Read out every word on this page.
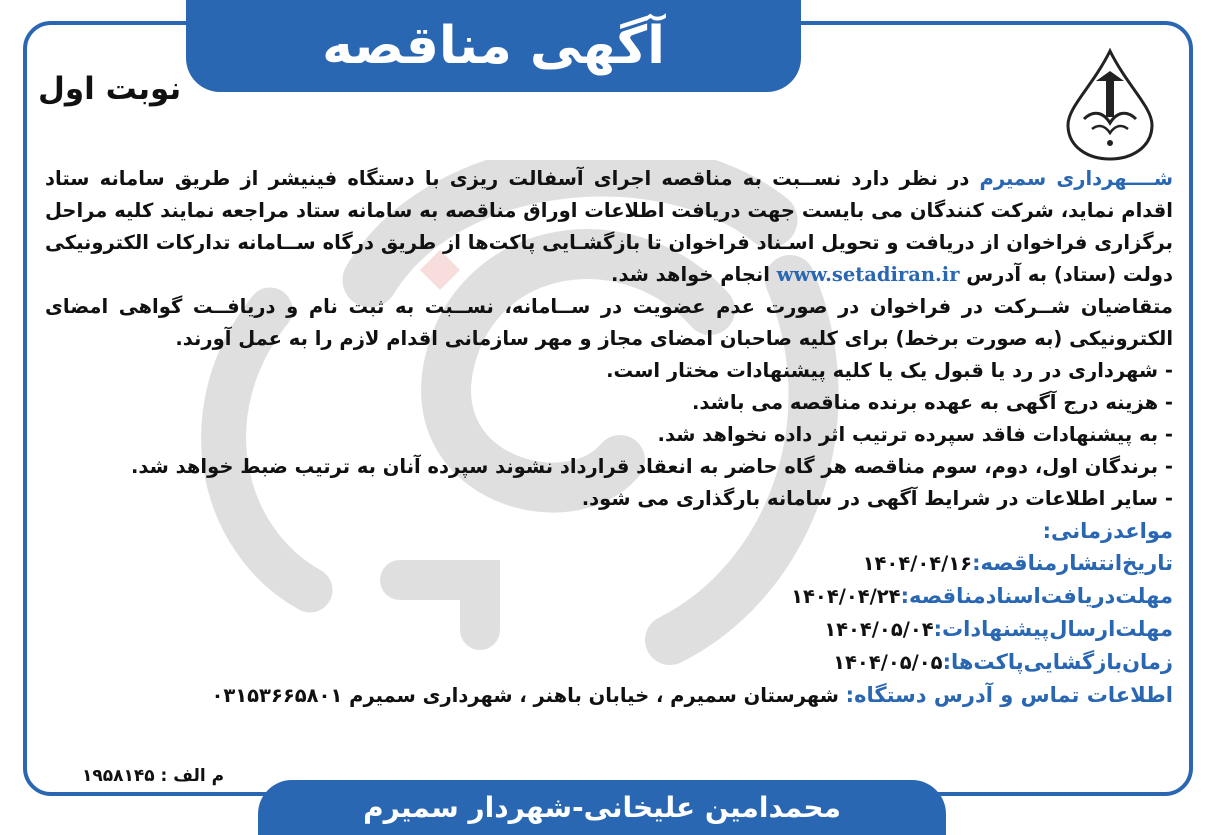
آگهی مناقصه
نوبت اول

شــــهرداری سمیرم در نظر دارد نســبت به مناقصه اجرای آسفالت ریزی با دستگاه فینیشر از طریق سامانه ستاد اقدام نماید، شرکت کنندگان می بایست جهت دریافت اطلاعات اوراق مناقصه به سامانه ستاد مراجعه نمایند کلیه مراحل برگزاری فراخوان از دریافت و تحویل اسـناد فراخوان تا بازگشـایی پاکت‌ها از طریق درگاه ســامانه تدارکات الکترونیکی دولت (ستاد) به آدرس www.setadiran.ir انجام خواهد شد.

متقاضیان شــرکت در فراخوان در صورت عدم عضویت در ســامانه، نســبت به ثبت نام و دریافــت گواهی امضای الکترونیکی (به صورت برخط) برای کلیه صاحبان امضای مجاز و مهر سازمانی اقدام لازم را به عمل آورند.

- شهرداری در رد یا قبول یک یا کلیه پیشنهادات مختار است.

- هزینه درج آگهی به عهده برنده مناقصه می باشد.

- به پیشنهادات فاقد سپرده ترتیب اثر داده نخواهد شد.

- برندگان اول، دوم، سوم مناقصه هر گاه حاضر به انعقاد قرارداد نشوند سپرده آنان به ترتیب ضبط خواهد شد.

- سایر اطلاعات در شرایط آگهی در سامانه بارگذاری می شود.

مواعدزمانی:

تاریخ‌انتشارمناقصه:۱۴۰۴/۰۴/۱۶

مهلت‌دریافت‌اسنادمناقصه:۱۴۰۴/۰۴/۲۴

مهلت‌ارسال‌پیشنهادات:۱۴۰۴/۰۵/۰۴

زمان‌بازگشایی‌پاکت‌ها:۱۴۰۴/۰۵/۰۵

اطلاعات تماس و آدرس دستگاه: شهرستان سمیرم ، خیابان باهنر ، شهرداری سمیرم ۰۳۱۵۳۶۶۵۸۰۱

م الف : ۱۹۵۸۱۴۵
محمدامین علیخانی-شهردار سمیرم
